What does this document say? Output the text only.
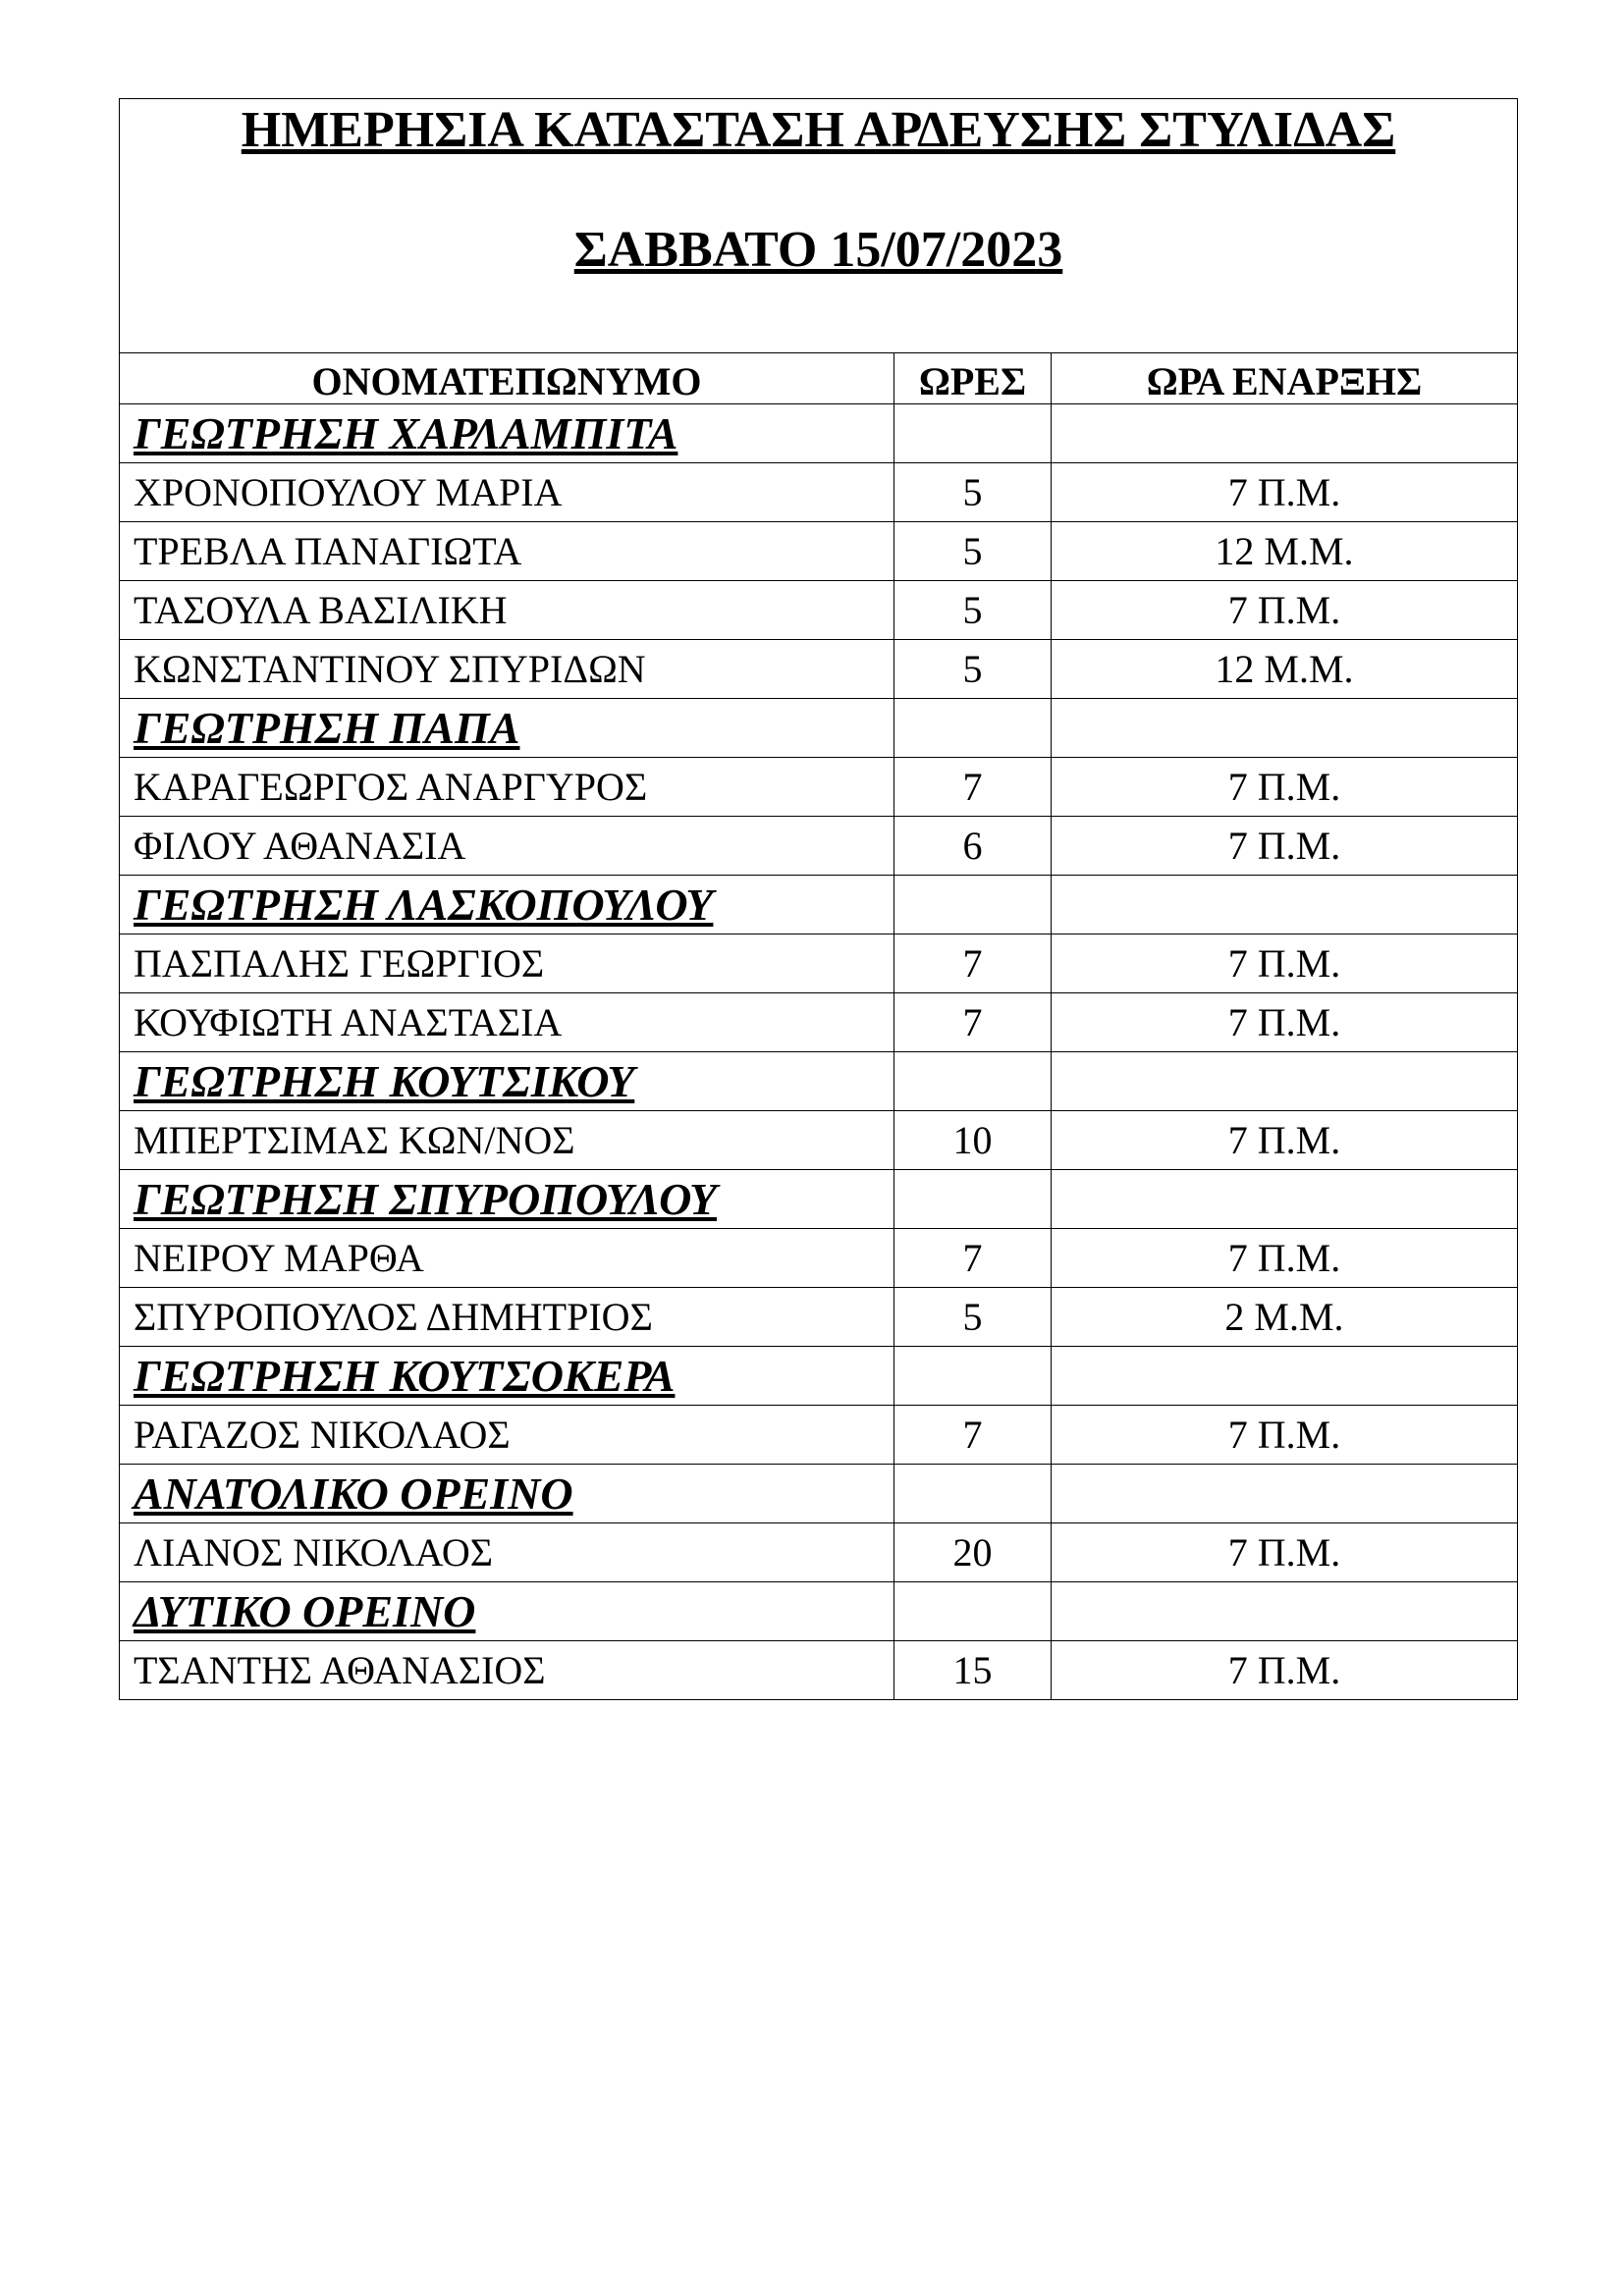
ΗΜΕΡΗΣΙΑ ΚΑΤΑΣΤΑΣΗ ΑΡΔΕΥΣΗΣ ΣΤΥΛΙΔΑΣ
ΣΑΒΒΑΤΟ 15/07/2023		

ΟΝΟΜΑΤΕΠΩΝΥΜΟ	ΩΡΕΣ	ΩΡΑ ΕΝΑΡΞΗΣ
ΓΕΩΤΡΗΣΗ ΧΑΡΛΑΜΠΙΤΑ		
ΧΡΟΝΟΠΟΥΛΟΥ ΜΑΡΙΑ	5	7 Π.Μ.
ΤΡΕΒΛΑ ΠΑΝΑΓΙΩΤΑ	5	12 Μ.Μ.
ΤΑΣΟΥΛΑ ΒΑΣΙΛΙΚΗ	5	7 Π.Μ.
ΚΩΝΣΤΑΝΤΙΝΟΥ ΣΠΥΡΙΔΩΝ	5	12 Μ.Μ.
ΓΕΩΤΡΗΣΗ ΠΑΠΑ		
ΚΑΡΑΓΕΩΡΓΟΣ ΑΝΑΡΓΥΡΟΣ	7	7 Π.Μ.
ΦΙΛΟΥ ΑΘΑΝΑΣΙΑ	6	7 Π.Μ.
ΓΕΩΤΡΗΣΗ ΛΑΣΚΟΠΟΥΛΟΥ		
ΠΑΣΠΑΛΗΣ ΓΕΩΡΓΙΟΣ	7	7 Π.Μ.
ΚΟΥΦΙΩΤΗ ΑΝΑΣΤΑΣΙΑ	7	7 Π.Μ.
ΓΕΩΤΡΗΣΗ ΚΟΥΤΣΙΚΟΥ		
ΜΠΕΡΤΣΙΜΑΣ ΚΩΝ/ΝΟΣ	10	7 Π.Μ.
ΓΕΩΤΡΗΣΗ ΣΠΥΡΟΠΟΥΛΟΥ		
ΝΕΙΡΟΥ ΜΑΡΘΑ	7	7 Π.Μ.
ΣΠΥΡΟΠΟΥΛΟΣ ΔΗΜΗΤΡΙΟΣ	5	2 Μ.Μ.
ΓΕΩΤΡΗΣΗ ΚΟΥΤΣΟΚΕΡΑ		
ΡΑΓΑΖΟΣ ΝΙΚΟΛΑΟΣ	7	7 Π.Μ.
ΑΝΑΤΟΛΙΚΟ ΟΡΕΙΝΟ		
ΛΙΑΝΟΣ ΝΙΚΟΛΑΟΣ	20	7 Π.Μ.
ΔΥΤΙΚΟ ΟΡΕΙΝΟ		
ΤΣΑΝΤΗΣ ΑΘΑΝΑΣΙΟΣ	15	7 Π.Μ.
